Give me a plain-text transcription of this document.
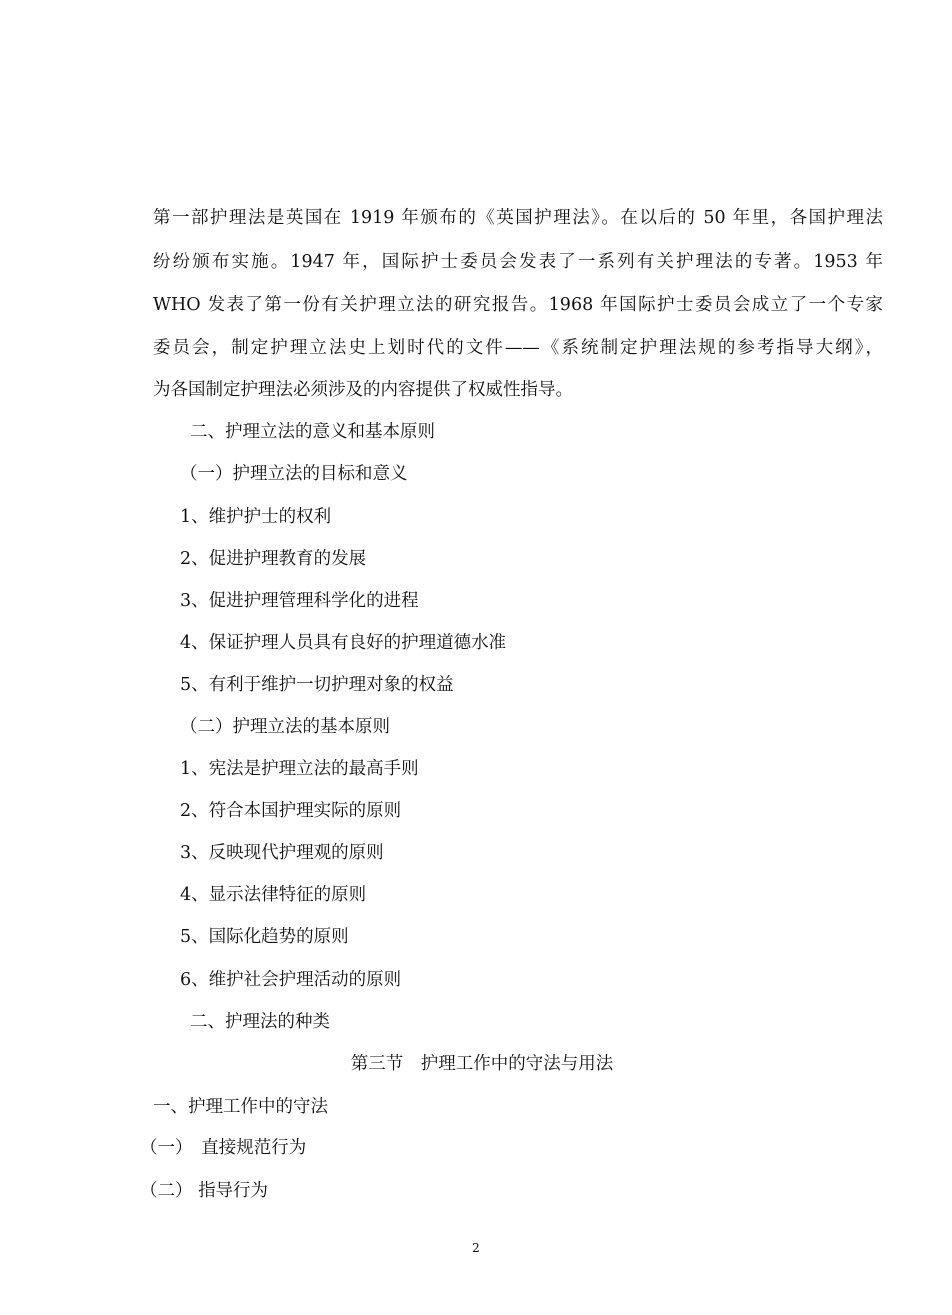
第一部护理法是英国在 1919 年颁布的《英国护理法》。在以后的 50 年里，各国护理法
纷纷颁布实施。1947 年，国际护士委员会发表了一系列有关护理法的专著。1953 年
WHO 发表了第一份有关护理立法的研究报告。1968 年国际护士委员会成立了一个专家
委员会，制定护理立法史上划时代的文件——《系统制定护理法规的参考指导大纲》，
为各国制定护理法必须涉及的内容提供了权威性指导。
二、护理立法的意义和基本原则
（一）护理立法的目标和意义
1、维护护士的权利
2、促进护理教育的发展
3、促进护理管理科学化的进程
4、保证护理人员具有良好的护理道德水准
5、有利于维护一切护理对象的权益
（二）护理立法的基本原则
1、宪法是护理立法的最高手则
2、符合本国护理实际的原则
3、反映现代护理观的原则
4、显示法律特征的原则
5、国际化趋势的原则
6、维护社会护理活动的原则
二、护理法的种类
第三节　护理工作中的守法与用法
一、护理工作中的守法
（一）　直接规范行为
（二） 指导行为
2
